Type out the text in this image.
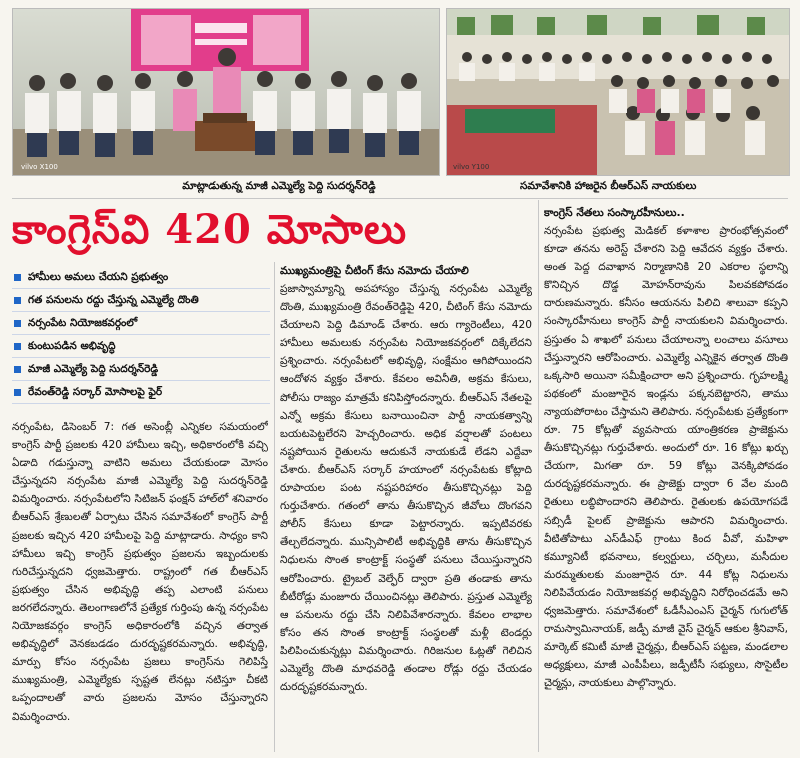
vilvo X100	vilvo Y100
మాట్లాడుతున్న మాజీ ఎమ్మెల్యే పెద్ది సుదర్శన్‌రెడ్డి	సమావేశానికి హాజరైన బీఆర్ఎస్ నాయకులు
కాంగ్రెస్‌వి 420 మోసాలు
హామీలు అమలు చేయని ప్రభుత్వం
గత పనులను రద్దు చేస్తున్న ఎమ్మెల్యే దొంతి
నర్సంపేట నియోజకవర్గంలో
కుంటుపడిన అభివృద్ధి
మాజీ ఎమ్మెల్యే పెద్ది సుదర్శన్‌రెడ్డి
రేవంత్‌రెడ్డి సర్కార్ మోసాలపై ఫైర్
నర్సంపేట, డిసెంబర్ 7: గత అసెంబ్లీ ఎన్నికల సమయంలో కాంగ్రెస్ పార్టీ ప్రజలకు 420 హామీలు ఇచ్చి, అధికారంలోకి వచ్చి ఏడాది గడుస్తున్నా వాటిని అమలు చేయకుండా మోసం చేస్తున్నదని నర్సంపేట మాజీ ఎమ్మెల్యే పెద్ది సుదర్శన్‌రెడ్డి విమర్శించారు. నర్సంపేటలోని సిటిజన్ ఫంక్షన్ హాల్‌లో శనివారం బీఆర్ఎస్ శ్రేణులతో ఏర్పాటు చేసిన సమావేశంలో కాంగ్రెస్ పార్టీ ప్రజలకు ఇచ్చిన 420 హామీలపై పెద్ది మాట్లాడారు. సాధ్యం కాని హామీలు ఇచ్చి కాంగ్రెస్ ప్రభుత్వం ప్రజలను ఇబ్బందులకు గురిచేస్తున్నదని ధ్వజమెత్తారు. రాష్ట్రంలో గత బీఆర్ఎస్ ప్రభుత్వం చేసిన అభివృద్ధి తప్ప ఎలాంటి పనులు జరగలేదన్నారు. తెలంగాణలోనే ప్రత్యేక గుర్తింపు ఉన్న నర్సంపేట నియోజకవర్గం కాంగ్రెస్ అధికారంలోకి వచ్చిన తర్వాత అభివృద్ధిలో వెనకబడడం దురదృష్టకరమన్నారు. అభివృద్ధి, మార్పు కోసం నర్సంపేట ప్రజలు కాంగ్రెస్‌ను గెలిపిస్తే ముఖ్యమంత్రి, ఎమ్మెల్యేకు స్పష్టత లేనట్లు నటిస్తూ చీకటి ఒప్పందాలతో వారు ప్రజలను మోసం చేస్తున్నారని విమర్శించారు.
ముఖ్యమంత్రిపై చీటింగ్ కేసు నమోదు చేయాలి
ప్రజాస్వామ్యాన్ని అపహాస్యం చేస్తున్న నర్సంపేట ఎమ్మెల్యే దొంతి, ముఖ్యమంత్రి రేవంత్‌రెడ్డిపై 420, చీటింగ్ కేసు నమోదు చేయాలని పెద్ది డిమాండ్ చేశారు. ఆరు గ్యారెంటీలు, 420 హామీలు అమలుకు నర్సంపేట నియోజకవర్గంలో దిక్కేలేదని ప్రశ్నించారు. నర్సంపేటలో అభివృద్ధి, సంక్షేమం ఆగిపోయిందని ఆందోళన వ్యక్తం చేశారు. కేవలం అవినీతి, అక్రమ కేసులు, పోలీసు రాజ్యం మాత్రమే కనిపిస్తోందన్నారు. బీఆర్ఎస్ నేతలపై ఎన్నో అక్రమ కేసులు బనాయించినా పార్టీ నాయకత్వాన్ని బయటపెట్టలేరని హెచ్చరించారు. అధిక వర్షాలతో పంటలు నష్టపోయిన రైతులను ఆదుకునే నాయకుడే లేడని ఎద్దేవా చేశారు. బీఆర్ఎస్ సర్కార్ హయాంలో నర్సంపేటకు కోట్లాది రూపాయల పంట నష్టపరిహారం తీసుకొచ్చినట్లు పెద్ది గుర్తుచేశారు. గతంలో తాను తీసుకొచ్చిన జీవోలు దొంగవని పోలీస్ కేసులు కూడా పెట్టారన్నారు. ఇప్పటివరకు తేల్చలేదన్నారు. మున్సిపాలిటీ అభివృద్ధికి తాను తీసుకొచ్చిన నిధులను సొంత కాంట్రాక్ట్ సంస్థతో పనులు చేయిస్తున్నారని ఆరోపించారు. ట్రైబల్ వెల్ఫేర్ ద్వారా ప్రతి తండాకు తాను బీటీరోడ్లు మంజూరు చేయించినట్లు తెలిపారు. ప్రస్తుత ఎమ్మెల్యే ఆ పనులను రద్దు చేసి నిలిపివేశారన్నారు. కేవలం లాభాల కోసం తన సొంత కాంట్రాక్ట్ సంస్థలతో మళ్లీ టెండర్లు పిలిపించుకున్నట్లు విమర్శించారు. గిరిజనుల ఓట్లతో గెలిచిన ఎమ్మెల్యే దొంతి మాధవరెడ్డి తండాల రోడ్లు రద్దు చేయడం దురదృష్టకరమన్నారు.
కాంగ్రెస్ నేతలు సంస్కారహీనులు..
నర్సంపేట ప్రభుత్వ మెడికల్ కళాశాల ప్రారంభోత్సవంలో కూడా తనను అరెస్ట్ చేశారని పెద్ది ఆవేదన వ్యక్తం చేశారు. అంత పెద్ద దవాఖాన నిర్మాణానికి 20 ఎకరాల స్థలాన్ని కొనిచ్చిన దొడ్డ మోహన్‌రావును పిలవకపోవడం దారుణమన్నారు. కనీసం ఆయనను పిలిచి శాలువా కప్పని సంస్కారహీనులు కాంగ్రెస్ పార్టీ నాయకులని విమర్శించారు. ప్రస్తుతం ఏ శాఖలో పనులు చేయాలన్నా లంచాలు వసూలు చేస్తున్నారని ఆరోపించారు. ఎమ్మెల్యే ఎన్నికైన తర్వాత దొంతి ఒక్కసారి అయినా సమీక్షించారా అని ప్రశ్నించారు. గృహలక్ష్మి పథకంలో మంజూరైన ఇండ్లను పక్కనబెట్టారని, తాము న్యాయపోరాటం చేస్తామని తెలిపారు. నర్సంపేటకు ప్రత్యేకంగా రూ. 75 కోట్లతో వ్యవసాయ యాంత్రికరణ ప్రాజెక్టును తీసుకొచ్చినట్లు గుర్తుచేశారు. అందులో రూ. 16 కోట్లు ఖర్చు చేయగా, మిగతా రూ. 59 కోట్లు వెనక్కిపోవడం దురదృష్టకరమన్నారు. ఈ ప్రాజెక్టు ద్వారా 6 వేల మంది రైతులు లబ్ధిపొందారని తెలిపారు. రైతులకు ఉపయోగపడే సబ్సిడీ పైలట్ ప్రాజెక్టును ఆపారని విమర్శించారు. వీటితోపాటు ఎస్‌డీఎఫ్ గ్రాంటు కింద వీవో, మహిళా కమ్యూనిటీ భవనాలు, కల్వర్టులు, చర్చిలు, మసీదుల మరమ్మతులకు మంజూరైన రూ. 44 కోట్ల నిధులను నిలిపివేయడం నియోజకవర్గ అభివృద్ధిని నిరోధించడమే అని ధ్వజమెత్తారు. సమావేశంలో ఓడీసీఎంఎస్ చైర్మన్ గుగులోత్ రామస్వామినాయక్, జడ్పీ మాజీ వైస్ చైర్మన్ ఆకుల శ్రీనివాస్, మార్కెట్ కమిటీ మాజీ చైర్మన్లు, బీఆర్ఎస్ పట్టణ, మండలాల అధ్యక్షులు, మాజీ ఎంపీపీలు, జడ్పీటీసీ సభ్యులు, సొసైటీల చైర్మన్లు, నాయకులు పాల్గొన్నారు.
